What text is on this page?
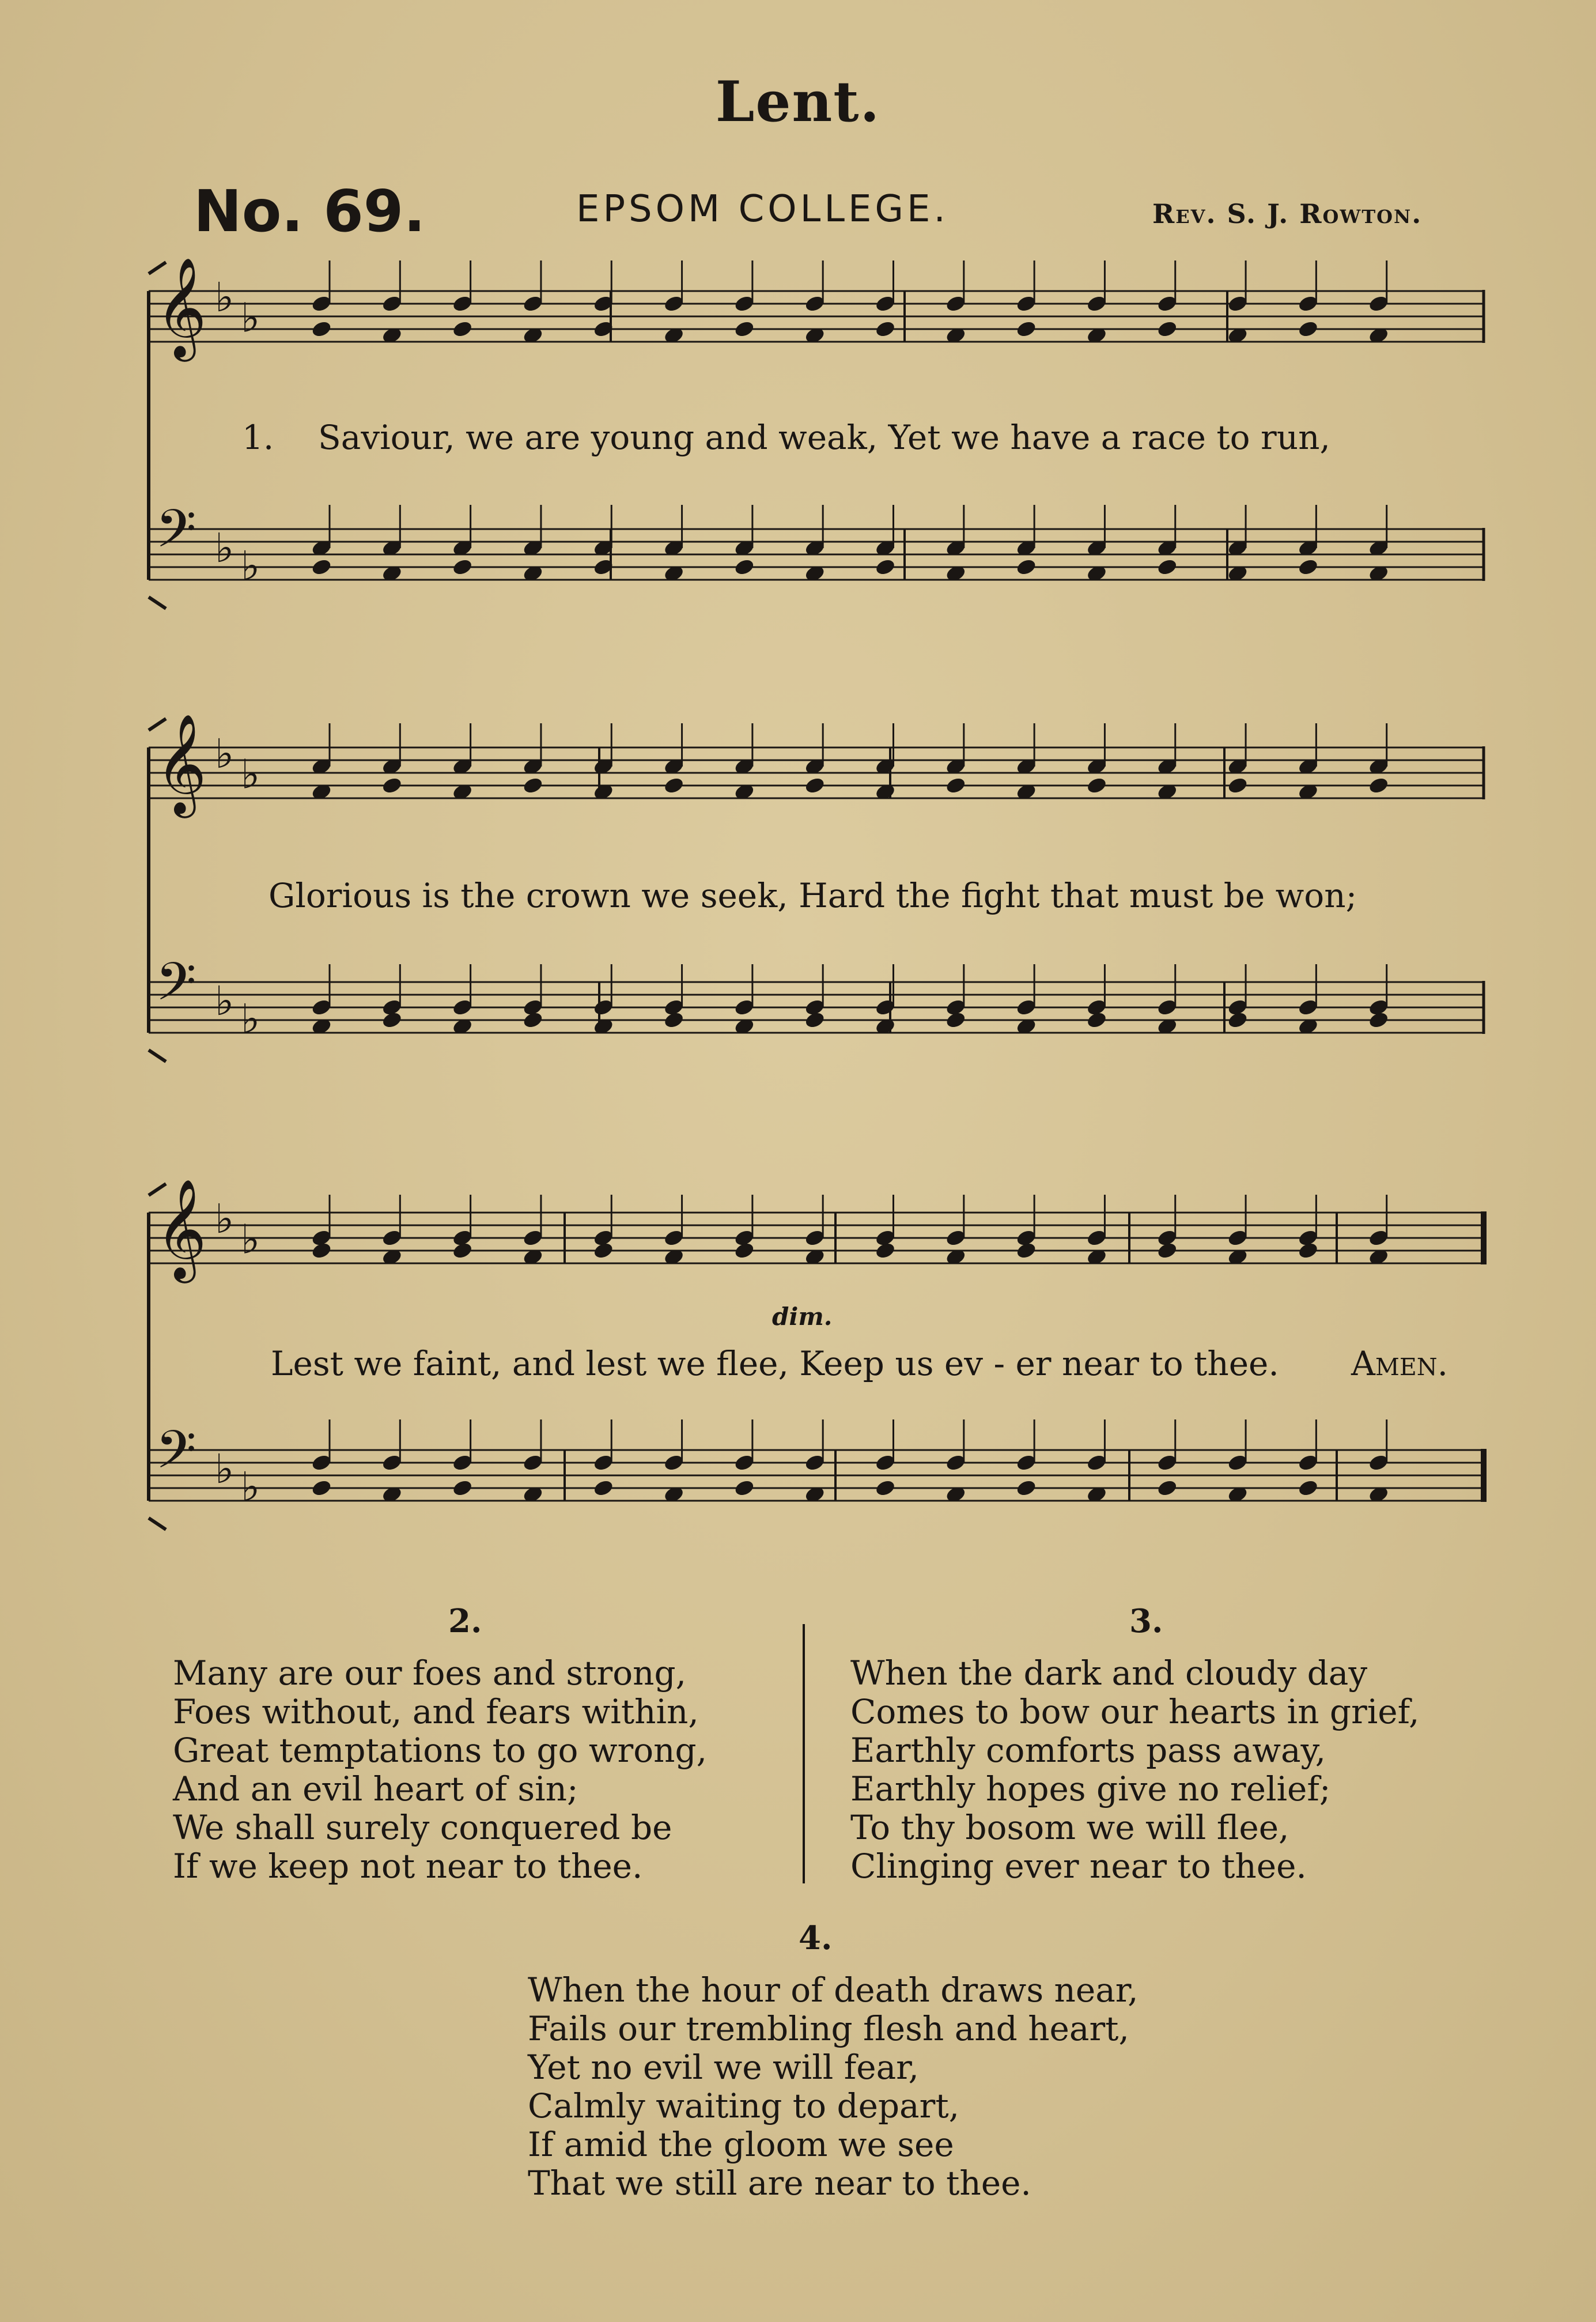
Lent.
No. 69.	EPSOM COLLEGE.	Rev. S. J. Rowton.
♭ ♭
𝄞
♭ ♭
𝄢
♭ ♭
𝄞
♭ ♭
𝄢
♭ ♭
𝄞
♭ ♭
𝄢
1. Saviour, we are young and weak, Yet we have a race to run,
Glorious is the crown we seek, Hard the fight that must be won;
Lest we faint, and lest we flee, Keep us ev - er near to thee. Amen.
dim.
2.
Many are our foes and strong,
Foes without, and fears within,
Great temptations to go wrong,
And an evil heart of sin;
We shall surely conquered be
If we keep not near to thee.
3.
When the dark and cloudy day
Comes to bow our hearts in grief,
Earthly comforts pass away,
Earthly hopes give no relief;
To thy bosom we will flee,
Clinging ever near to thee.
4.
When the hour of death draws near,
Fails our trembling flesh and heart,
Yet no evil we will fear,
Calmly waiting to depart,
If amid the gloom we see
That we still are near to thee.
